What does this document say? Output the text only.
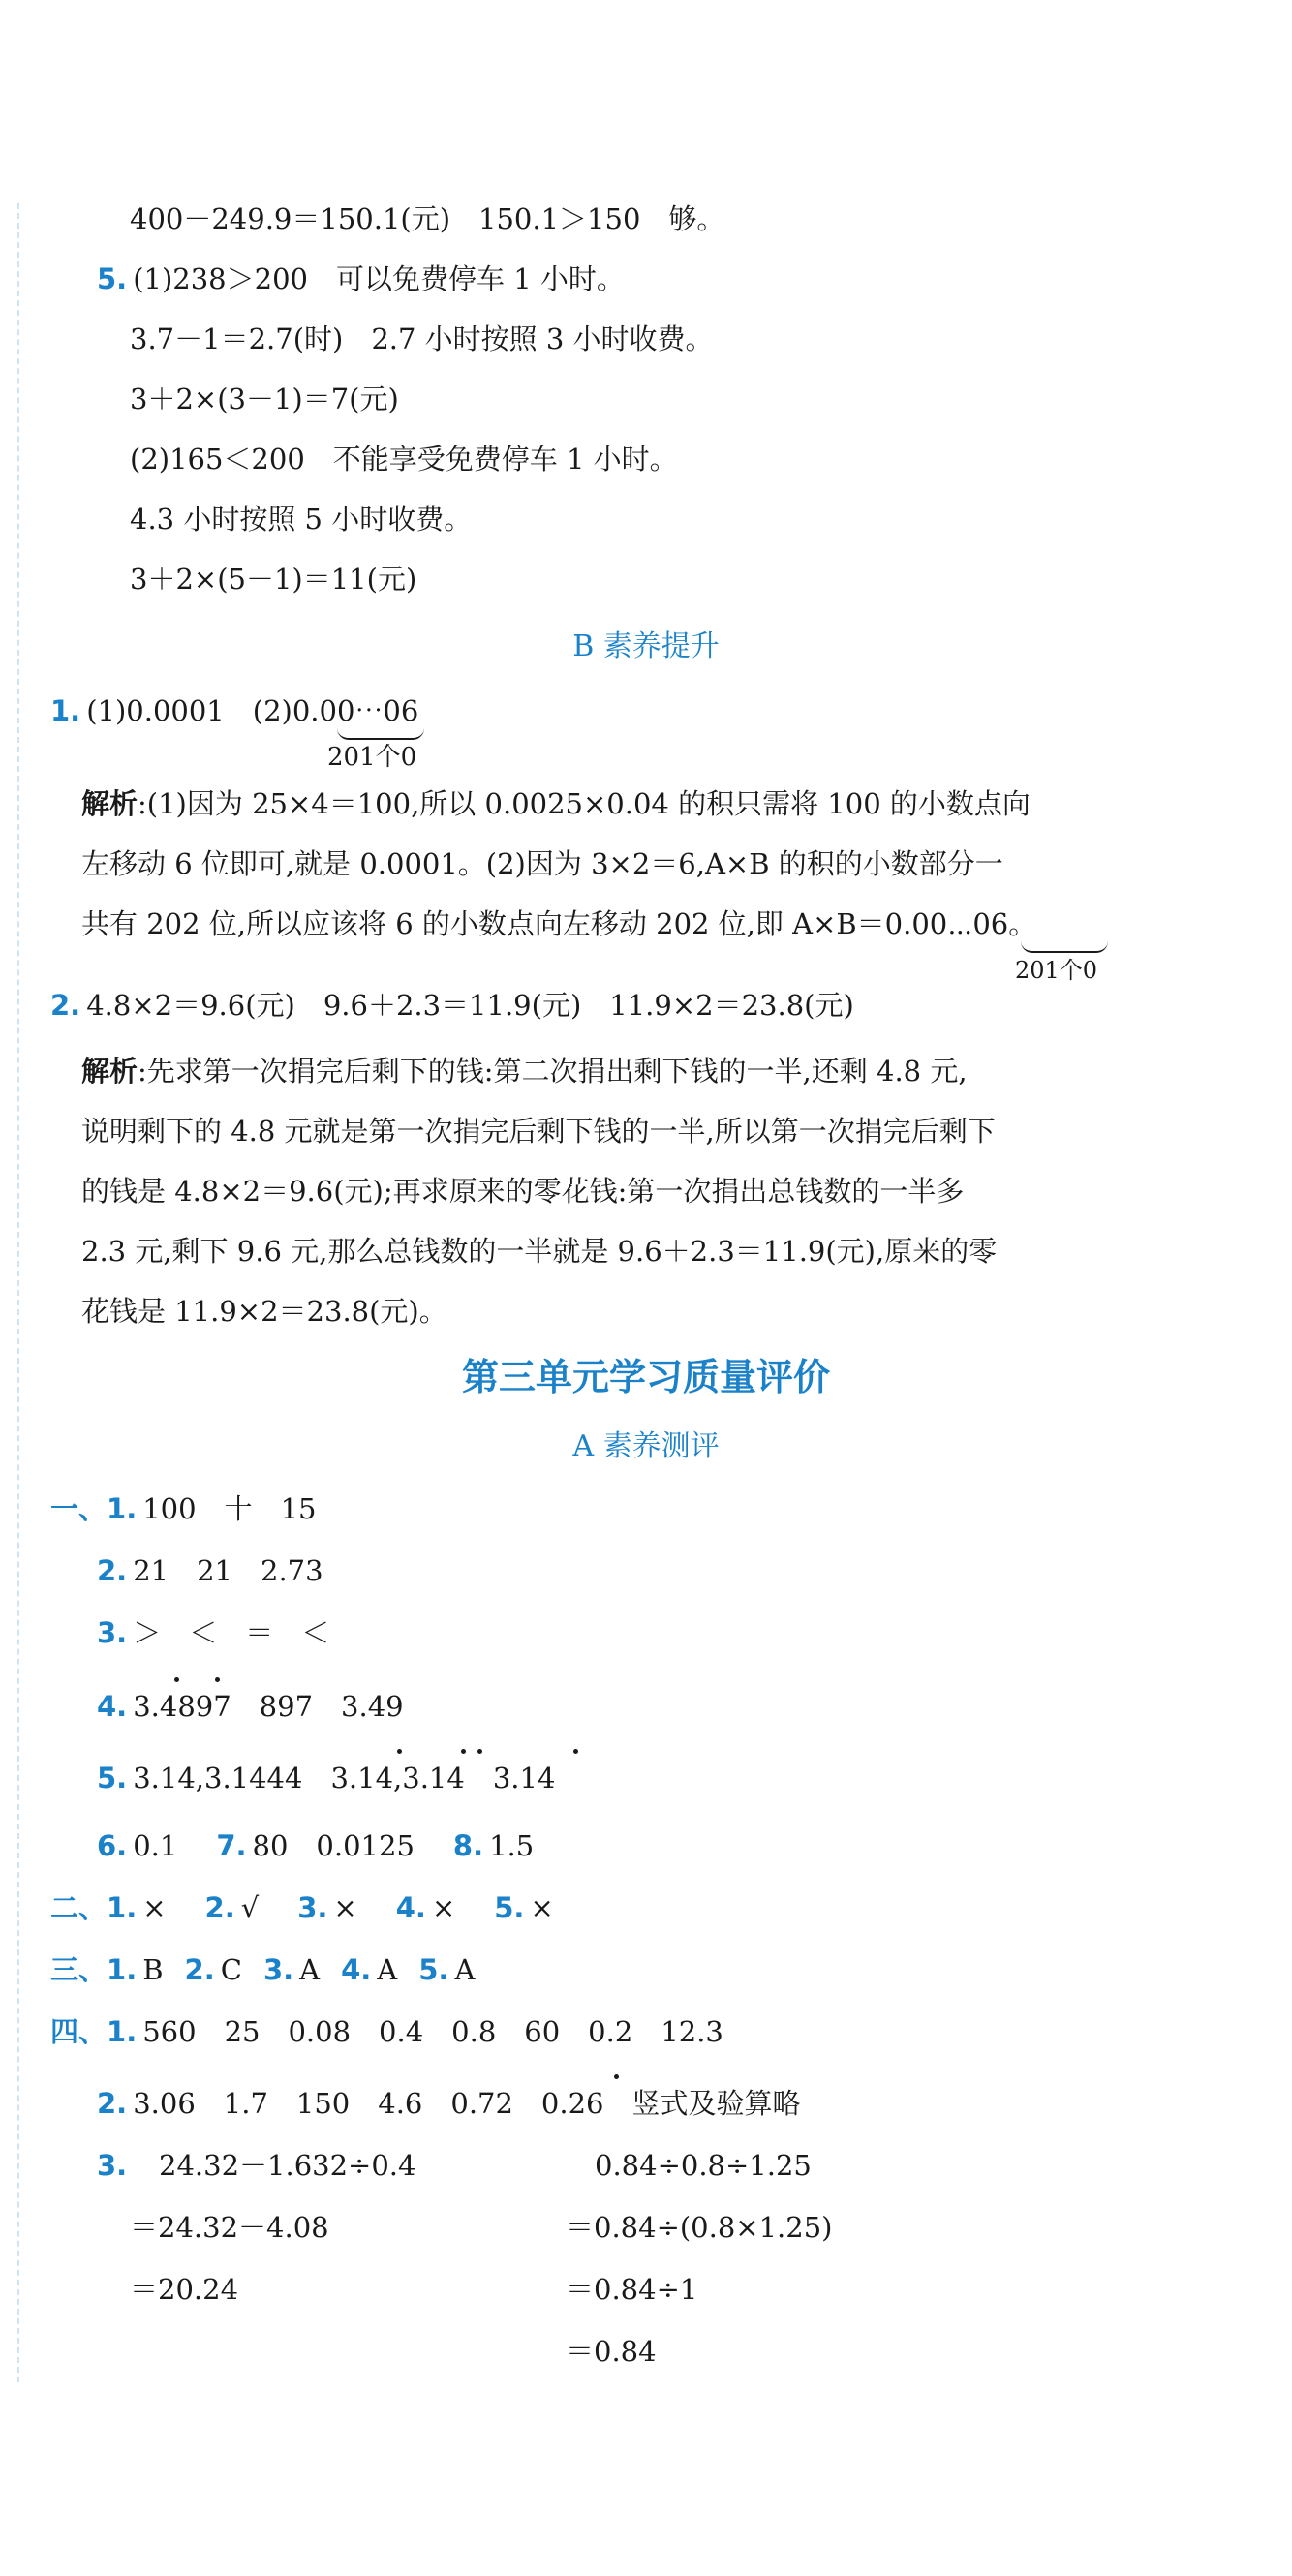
400－249.9＝150.1(元)　150.1＞150　够。
5. (1)238＞200　可以免费停车 1 小时。
3.7－1＝2.7(时)　2.7 小时按照 3 小时收费。
3＋2×(3－1)＝7(元)
(2)165＜200　不能享受免费停车 1 小时。
4.3 小时按照 5 小时收费。
3＋2×(5－1)＝11(元)
B 素养提升
1. (1)0.0001　(2)0.00⋯06
201个0
解析:(1)因为 25×4＝100,所以 0.0025×0.04 的积只需将 100 的小数点向
左移动 6 位即可,就是 0.0001。(2)因为 3×2＝6,A×B 的积的小数部分一
共有 202 位,所以应该将 6 的小数点向左移动 202 位,即 A×B＝0.00⋯06。
201个0
2. 4.8×2＝9.6(元)　9.6＋2.3＝11.9(元)　11.9×2＝23.8(元)
解析:先求第一次捐完后剩下的钱:第二次捐出剩下钱的一半,还剩 4.8 元,
说明剩下的 4.8 元就是第一次捐完后剩下钱的一半,所以第一次捐完后剩下
的钱是 4.8×2＝9.6(元);再求原来的零花钱:第一次捐出总钱数的一半多
2.3 元,剩下 9.6 元,那么总钱数的一半就是 9.6＋2.3＝11.9(元),原来的零
花钱是 11.9×2＝23.8(元)。
第三单元学习质量评价
A 素养测评
一、1. 100　十　15
2. 21　21　2.73
3. ＞　＜　＝　＜
4. 3.4897　897　3.49
5. 3.14,3.1444　3.14,3.14　3.14
6. 0.1 7. 80　0.0125 8. 1.5
二、1. × 2. √ 3. × 4. × 5. ×
三、1. B 2. C 3. A 4. A 5. A
四、1. 560　25　0.08　0.4　0.8　60　0.2　12.3
2. 3.06　1.7　150　4.6　0.72　0.26　竖式及验算略
3. 24.32－1.632÷0.4
＝24.32－4.08
＝20.24
0.84÷0.8÷1.25
＝0.84÷(0.8×1.25)
＝0.84÷1
＝0.84
